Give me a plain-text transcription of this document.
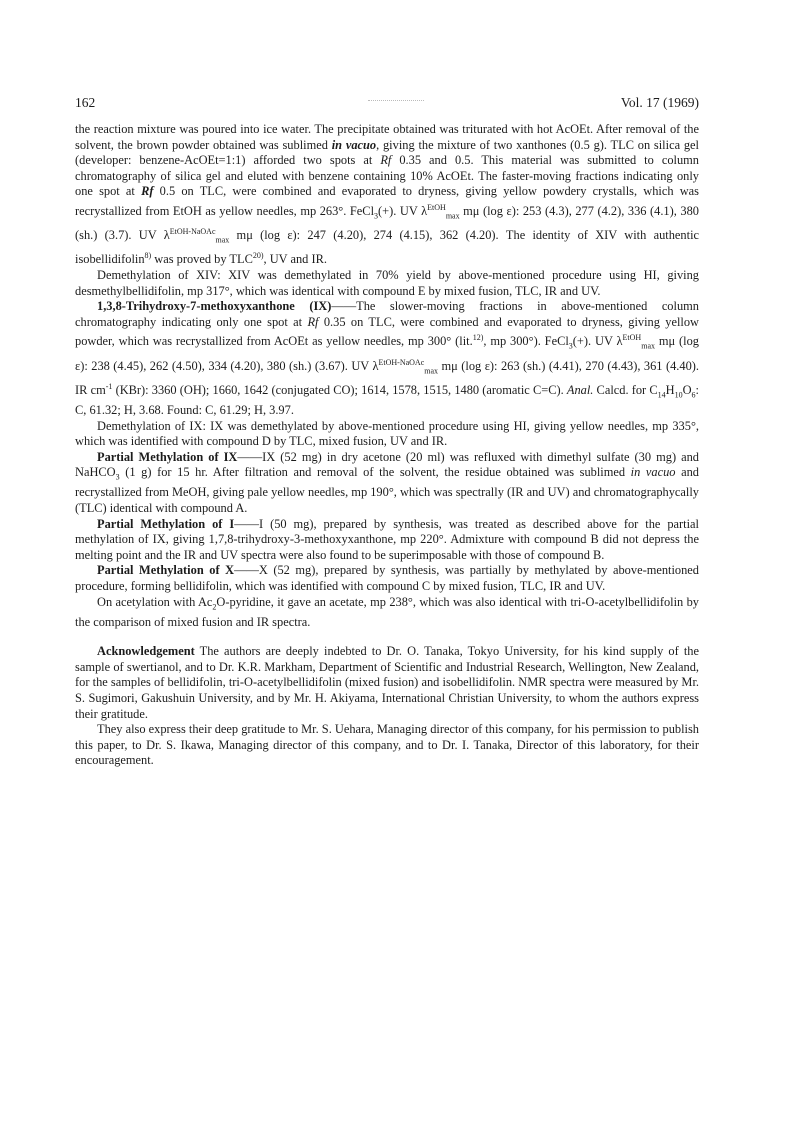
162	Vol. 17 (1969)

the reaction mixture was poured into ice water. The precipitate obtained was triturated with hot AcOEt. After removal of the solvent, the brown powder obtained was sublimed in vacuo, giving the mixture of two xanthones (0.5 g). TLC on silica gel (developer: benzene-AcOEt=1:1) afforded two spots at Rf 0.35 and 0.5. This material was submitted to column chromatography of silica gel and eluted with benzene containing 10% AcOEt. The faster-moving fractions indicating only one spot at Rf 0.5 on TLC, were combined and evaporated to dryness, giving yellow powdery crystalls, which was recrystallized from EtOH as yellow needles, mp 263°. FeCl$_3$(+). UV $\lambda^{EtOH}_{max}$ mμ (log ε): 253 (4.3), 277 (4.2), 336 (4.1), 380 (sh.) (3.7). UV $\lambda^{EtOH-NaOAc}_{max}$ mμ (log ε): 247 (4.20), 274 (4.15), 362 (4.20). The identity of XIV with authentic isobellidifolin$^{8)}$ was proved by TLC$^{20)}$, UV and IR.

Demethylation of XIV: XIV was demethylated in 70% yield by above-mentioned procedure using HI, giving desmethylbellidifolin, mp 317°, which was identical with compound E by mixed fusion, TLC, IR and UV.

1,3,8-Trihydroxy-7-methoxyxanthone (IX)——The slower-moving fractions in above-mentioned column chromatography indicating only one spot at Rf 0.35 on TLC, were combined and evaporated to dryness, giving yellow powder, which was recrystallized from AcOEt as yellow needles, mp 300° (lit.$^{12)}$, mp 300°). FeCl$_3$(+). UV $\lambda^{EtOH}_{max}$ mμ (log ε): 238 (4.45), 262 (4.50), 334 (4.20), 380 (sh.) (3.67). UV $\lambda^{EtOH-NaOAc}_{max}$ mμ (log ε): 263 (sh.) (4.41), 270 (4.43), 361 (4.40). IR $cm^{-1}$ (KBr): 3360 (OH); 1660, 1642 (conjugated CO); 1614, 1578, 1515, 1480 (aromatic C=C). Anal. Calcd. for $C_{14}H_{10}O_6$: C, 61.32; H, 3.68. Found: C, 61.29; H, 3.97.

Demethylation of IX: IX was demethylated by above-mentioned procedure using HI, giving yellow needles, mp 335°, which was identified with compound D by TLC, mixed fusion, UV and IR.

Partial Methylation of IX——IX (52 mg) in dry acetone (20 ml) was refluxed with dimethyl sulfate (30 mg) and NaHCO$_3$ (1 g) for 15 hr. After filtration and removal of the solvent, the residue obtained was sublimed in vacuo and recrystallized from MeOH, giving pale yellow needles, mp 190°, which was spectrally (IR and UV) and chromatographycally (TLC) identical with compound A.

Partial Methylation of I——I (50 mg), prepared by synthesis, was treated as described above for the partial methylation of IX, giving 1,7,8-trihydroxy-3-methoxyxanthone, mp 220°. Admixture with compound B did not depress the melting point and the IR and UV spectra were also found to be superimposable with those of compound B.

Partial Methylation of X——X (52 mg), prepared by synthesis, was partially by methylated by above-mentioned procedure, forming bellidifolin, which was identified with compound C by mixed fusion, TLC, IR and UV.

On acetylation with $Ac_2O$-pyridine, it gave an acetate, mp 238°, which was also identical with tri-O-acetylbellidifolin by the comparison of mixed fusion and IR spectra.

Acknowledgement The authors are deeply indebted to Dr. O. Tanaka, Tokyo University, for his kind supply of the sample of swertianol, and to Dr. K.R. Markham, Department of Scientific and Industrial Research, Wellington, New Zealand, for the samples of bellidifolin, tri-O-acetylbellidifolin (mixed fusion) and isobellidifolin. NMR spectra were measured by Mr. S. Sugimori, Gakushuin University, and by Mr. H. Akiyama, International Christian University, to whom the authors express their gratitude.

They also express their deep gratitude to Mr. S. Uehara, Managing director of this company, for his permission to publish this paper, to Dr. S. Ikawa, Managing director of this company, and to Dr. I. Tanaka, Director of this laboratory, for their encouragement.
